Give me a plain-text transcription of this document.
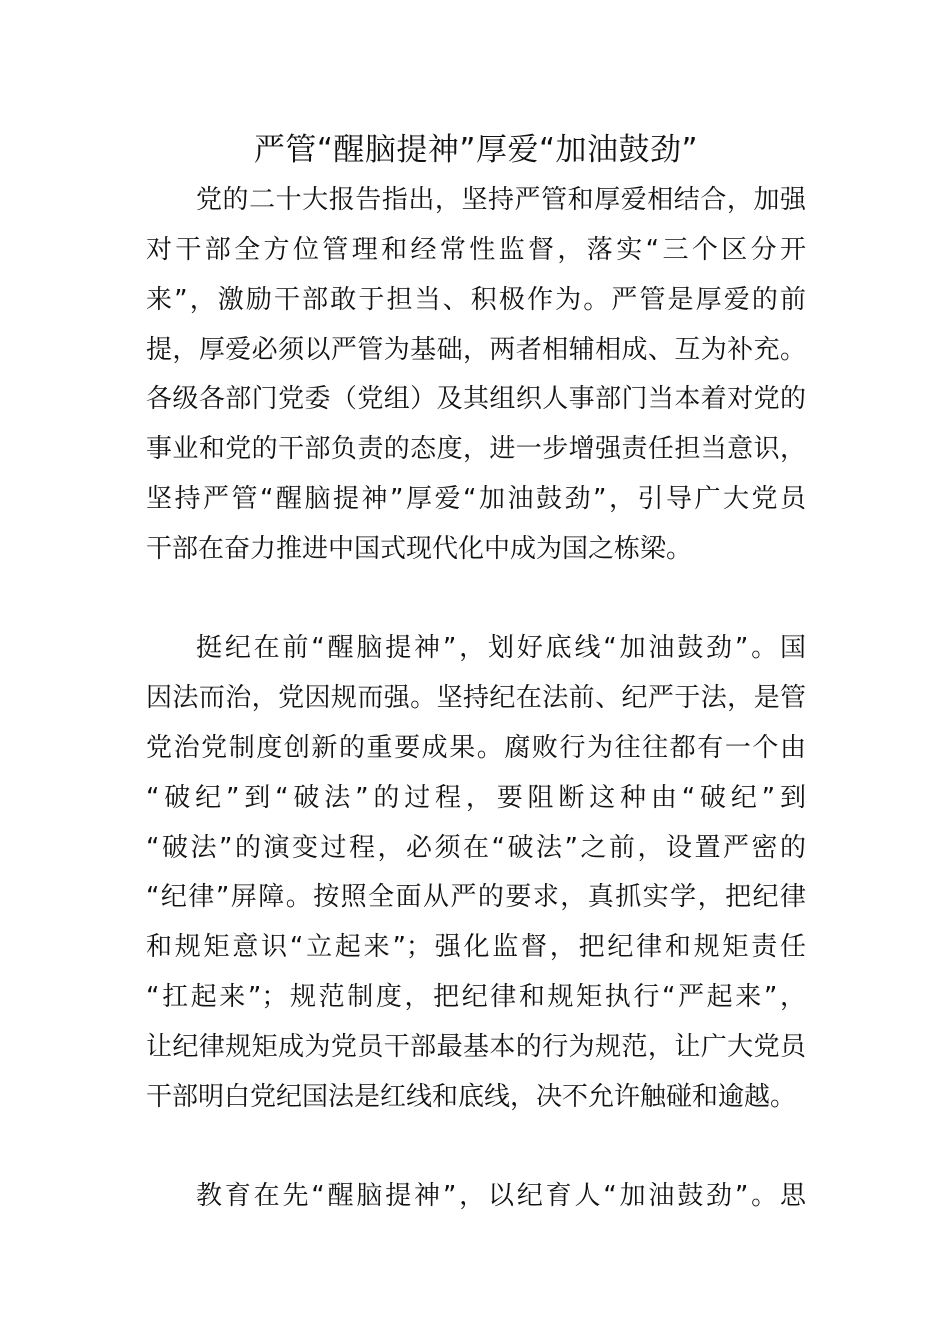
严管“醒脑提神”厚爱“加油鼓劲”

党的二十大报告指出，坚持严管和厚爱相结合，加强

对干部全方位管理和经常性监督，落实“三个区分开

来”，激励干部敢于担当、积极作为。严管是厚爱的前

提，厚爱必须以严管为基础，两者相辅相成、互为补充。

各级各部门党委（党组）及其组织人事部门当本着对党的

事业和党的干部负责的态度，进一步增强责任担当意识，

坚持严管“醒脑提神”厚爱“加油鼓劲”，引导广大党员

干部在奋力推进中国式现代化中成为国之栋梁。

挺纪在前“醒脑提神”，划好底线“加油鼓劲”。国

因法而治，党因规而强。坚持纪在法前、纪严于法，是管

党治党制度创新的重要成果。腐败行为往往都有一个由

“破纪”到“破法”的过程，要阻断这种由“破纪”到

“破法”的演变过程，必须在“破法”之前，设置严密的

“纪律”屏障。按照全面从严的要求，真抓实学，把纪律

和规矩意识“立起来”；强化监督，把纪律和规矩责任

“扛起来”；规范制度，把纪律和规矩执行“严起来”，

让纪律规矩成为党员干部最基本的行为规范，让广大党员

干部明白党纪国法是红线和底线，决不允许触碰和逾越。

教育在先“醒脑提神”，以纪育人“加油鼓劲”。思
